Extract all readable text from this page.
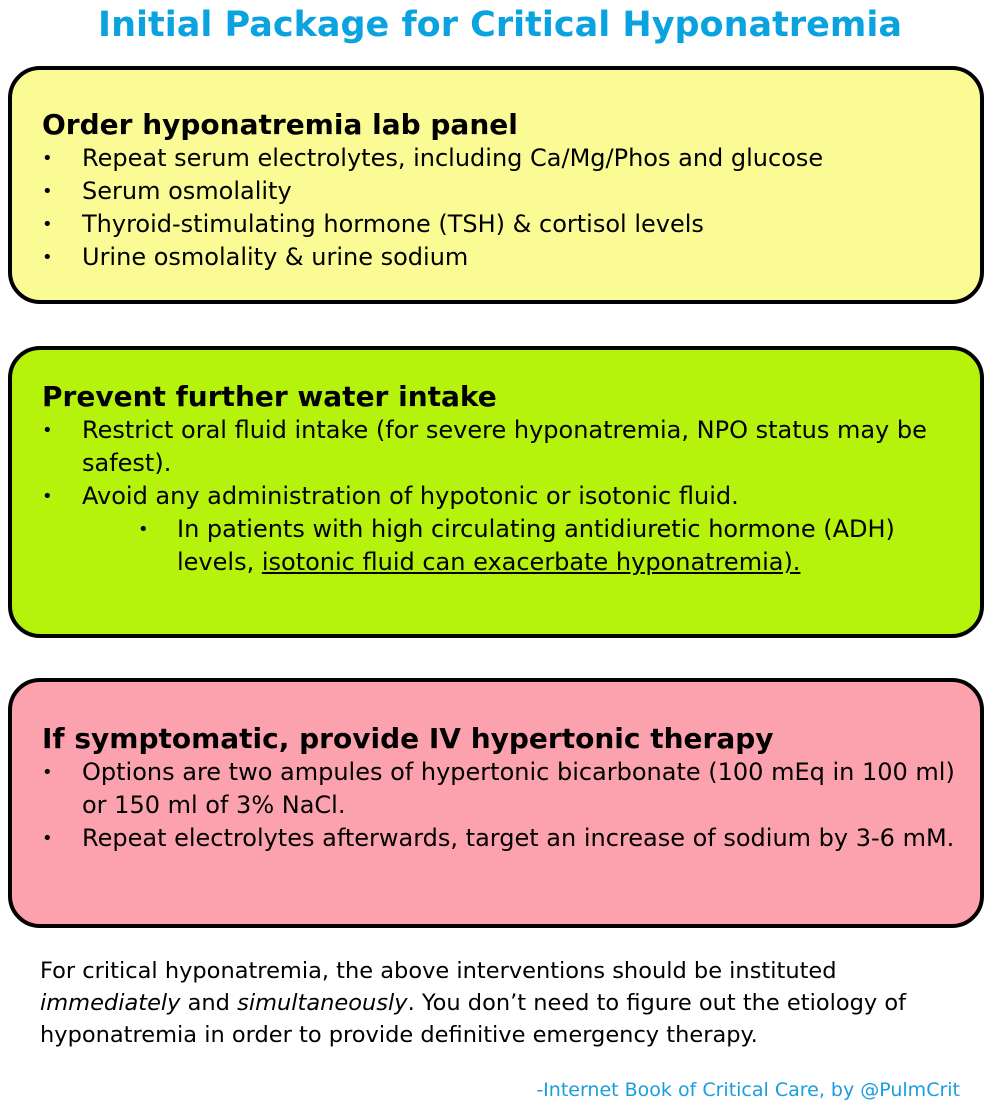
Initial Package for Critical Hyponatremia
Order hyponatremia lab panel
•	Repeat serum electrolytes, including Ca/Mg/Phos and glucose
•	Serum osmolality
•	Thyroid-stimulating hormone (TSH) & cortisol levels
•	Urine osmolality & urine sodium
Prevent further water intake
•	Restrict oral fluid intake (for severe hyponatremia, NPO status may be safest).
•	Avoid any administration of hypotonic or isotonic fluid.
•	In patients with high circulating antidiuretic hormone (ADH) levels, isotonic fluid can exacerbate hyponatremia).
If symptomatic, provide IV hypertonic therapy
•	Options are two ampules of hypertonic bicarbonate (100 mEq in 100 ml) or 150 ml of 3% NaCl.
•	Repeat electrolytes afterwards, target an increase of sodium by 3-6 mM.
For critical hyponatremia, the above interventions should be instituted immediately and simultaneously. You don’t need to figure out the etiology of hyponatremia in order to provide definitive emergency therapy.
-Internet Book of Critical Care, by @PulmCrit
